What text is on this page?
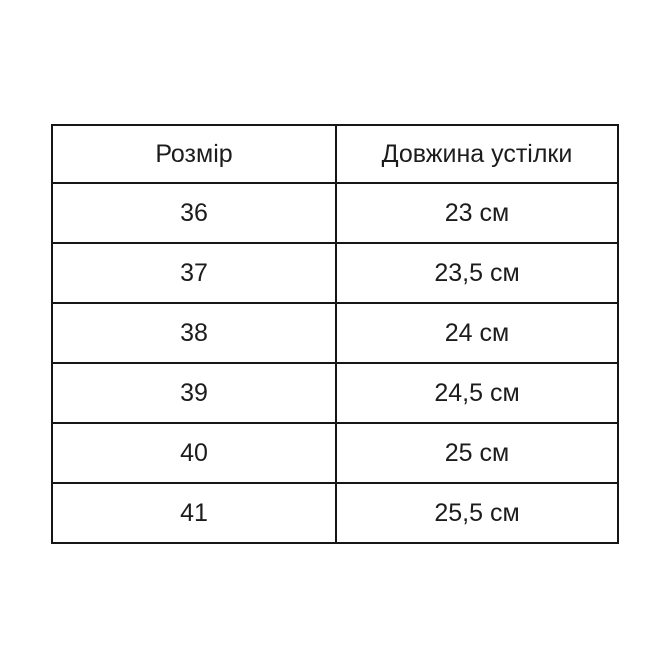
Розмір	Довжина устілки
36	23 см
37	23,5 см
38	24 см
39	24,5 см
40	25 см
41	25,5 см
